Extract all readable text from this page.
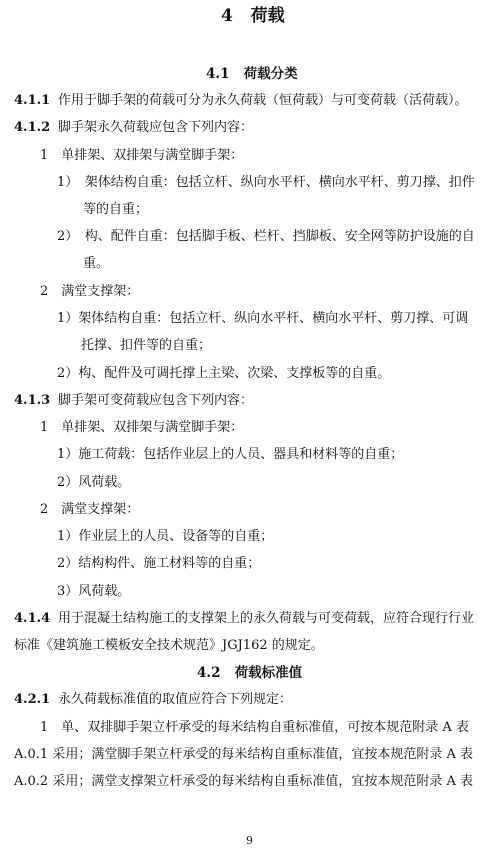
4 荷载
4.1 荷载分类
4.1.1 作用于脚手架的荷载可分为永久荷载（恒荷载）与可变荷载（活荷载）。
4.1.2 脚手架永久荷载应包含下列内容：
1　单排架、双排架与满堂脚手架：
1）　架体结构自重：包括立杆、纵向水平杆、横向水平杆、剪刀撑、扣件
等的自重；
2）　构、配件自重：包括脚手板、栏杆、挡脚板、安全网等防护设施的自
重。
2　满堂支撑架：
1）架体结构自重：包括立杆、纵向水平杆、横向水平杆、剪刀撑、可调
托撑、扣件等的自重；
2）构、配件及可调托撑上主梁、次梁、支撑板等的自重。
4.1.3 脚手架可变荷载应包含下列内容：
1　单排架、双排架与满堂脚手架：
1）施工荷载：包括作业层上的人员、器具和材料等的自重；
2）风荷载。
2　满堂支撑架：
1）作业层上的人员、设备等的自重；
2）结构构件、施工材料等的自重；
3）风荷载。
4.1.4 用于混凝土结构施工的支撑架上的永久荷载与可变荷载，应符合现行行业
标准《建筑施工模板安全技术规范》JGJ162 的规定。
4.2 荷载标准值
4.2.1 永久荷载标准值的取值应符合下列规定：
1　单、双排脚手架立杆承受的每米结构自重标准值，可按本规范附录 A 表
A.0.1 采用；满堂脚手架立杆承受的每米结构自重标准值，宜按本规范附录 A 表
A.0.2 采用；满堂支撑架立杆承受的每米结构自重标准值，宜按本规范附录 A 表
9
